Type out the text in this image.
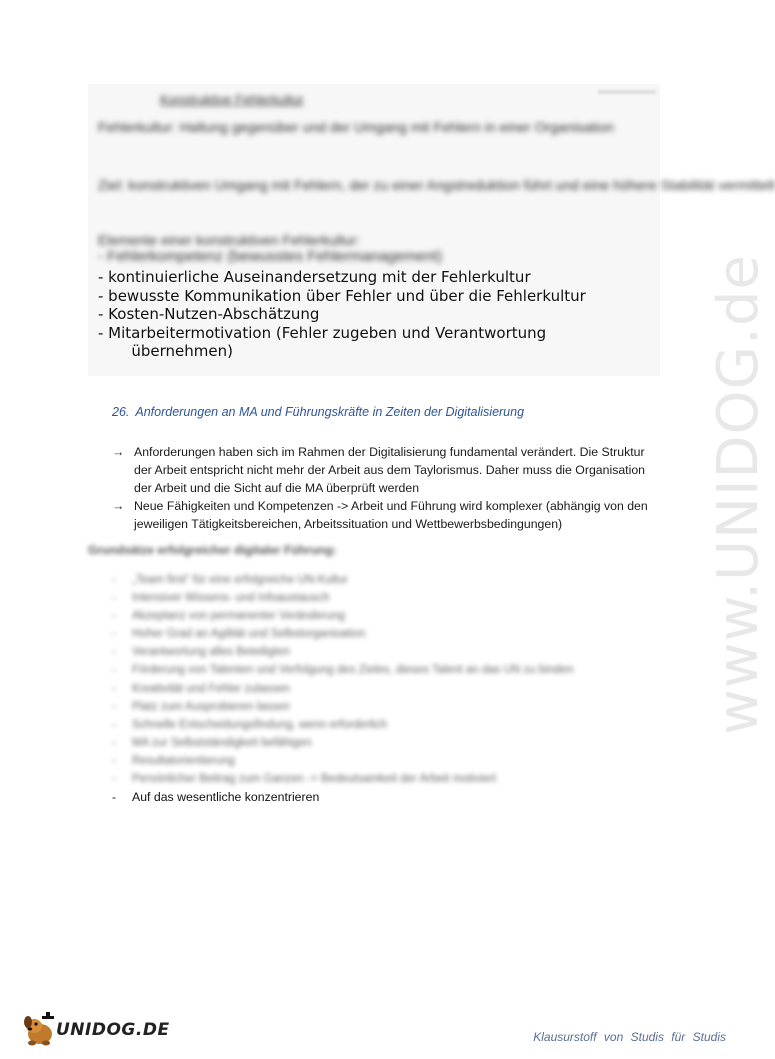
Konstruktive Fehlerkultur
Fehlerkultur: Haltung gegenüber und der Umgang mit Fehlern in einer Organisation
Ziel: konstruktiven Umgang mit Fehlern, der zu einer Angstreduktion führt und eine höhere Stabilität vermittelt
Elemente einer konstruktiven Fehlerkultur:
- Fehlerkompetenz (bewusstes Fehlermanagement)
- kontinuierliche Auseinandersetzung mit der Fehlerkultur
- bewusste Kommunikation über Fehler und über die Fehlerkultur
- Kosten-Nutzen-Abschätzung
- Mitarbeitermotivation (Fehler zugeben und Verantwortung
übernehmen)
26. Anforderungen an MA und Führungskräfte in Zeiten der Digitalisierung
→ Anforderungen haben sich im Rahmen der Digitalisierung fundamental verändert. Die Struktur der Arbeit entspricht nicht mehr der Arbeit aus dem Taylorismus. Daher muss die Organisation der Arbeit und die Sicht auf die MA überprüft werden
→ Neue Fähigkeiten und Kompetenzen -> Arbeit und Führung wird komplexer (abhängig von den jeweiligen Tätigkeitsbereichen, Arbeitssituation und Wettbewerbsbedingungen)
Grundsätze erfolgreicher digitaler Führung:
- „Team first“ für eine erfolgreiche UN-Kultur
- Intensiver Wissens- und Infoaustausch
- Akzeptanz von permanenter Veränderung
- Hoher Grad an Agilität und Selbstorganisation
- Verantwortung alles Beteiligten
- Förderung von Talenten und Verfolgung des Zieles, dieses Talent an das UN zu binden
- Kreativität und Fehler zulassen
- Platz zum Ausprobieren lassen
- Schnelle Entscheidungsfindung, wenn erforderlich
- MA zur Selbstständigkeit befähigen
- Resultatorientierung
- Persönlicher Beitrag zum Ganzen -> Bedeutsamkeit der Arbeit motiviert
- Auf das wesentliche konzentrieren
www.UNIDOG.de
UNIDOG.DE	Klausurstoff von Studis für Studis
